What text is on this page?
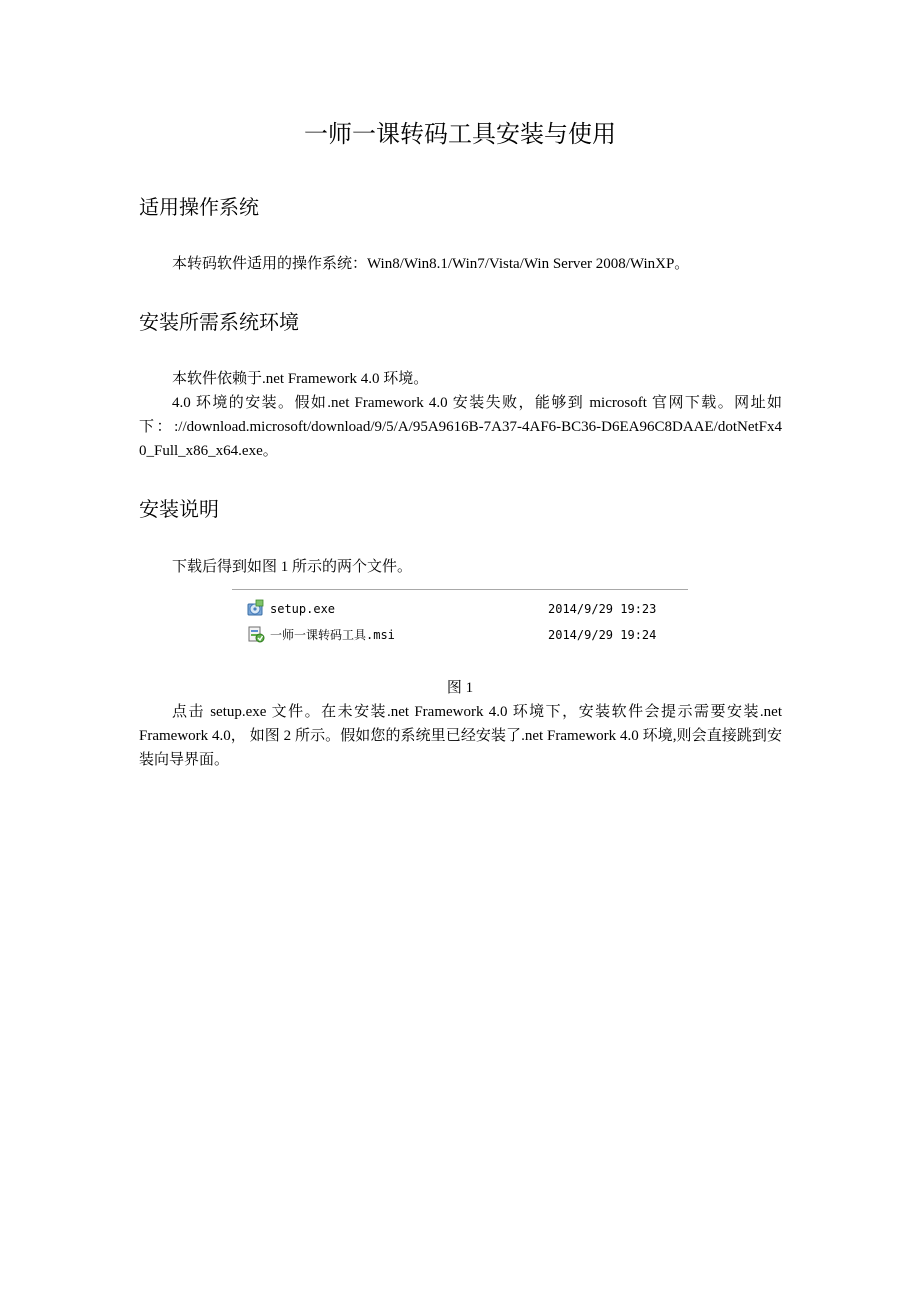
一师一课转码工具安装与使用
适用操作系统

本转码软件适用的操作系统：Win8/Win8.1/Win7/Vista/Win Server 2008/WinXP。

安装所需系统环境

本软件依赖于.net Framework 4.0 环境。

4.0 环境的安装。假如.net Framework 4.0 安装失败，能够到 microsoft 官网下载。网址如下：://download.microsoft/download/9/5/A/95A9616B-7A37-4AF6-BC36-D6EA96C8DAAE/dotNetFx40_Full_x86_x64.exe。

安装说明

下载后得到如图 1 所示的两个文件。

setup.exe	2014/9/29 19:23
一师一课转码工具.msi	2014/9/29 19:24

图 1

点击 setup.exe 文件。在未安装.net Framework 4.0 环境下，安装软件会提示需要安装.net Framework 4.0， 如图 2 所示。假如您的系统里已经安装了.net Framework 4.0 环境,则会直接跳到安装向导界面。
